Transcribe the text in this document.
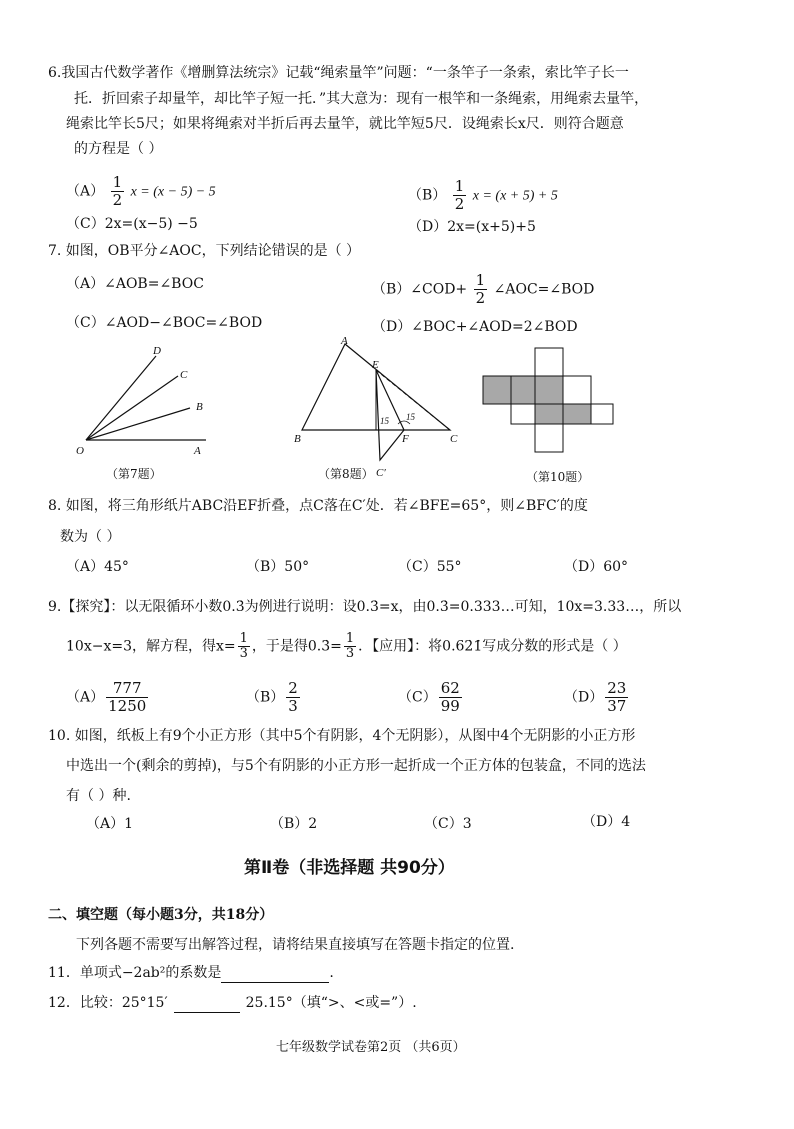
6.我国古代数学著作《增删算法统宗》记载“绳索量竿”问题：“一条竿子一条索，索比竿子长一
托．折回索子却量竿，却比竿子短一托．”其大意为：现有一根竿和一条绳索，用绳索去量竿，
绳索比竿长5尺；如果将绳索对半折后再去量竿，就比竿短5尺．设绳索长x尺．则符合题意
的方程是（ ）
$(A) \frac{1}{2}$ x = (x − 5) − 5	$(B) \frac{1}{2}$ x = (x + 5) + 5
（C）2x=(x−5) −5	（D）2x=(x+5)+5
7. 如图，OB平分∠AOC，下列结论错误的是（ ）
（A）∠AOB=∠BOC	（B）∠COD+ $\frac{1}{2}$ ∠AOC=∠BOD
（C）∠AOD−∠BOC=∠BOD	（D）∠BOC+∠AOD=2∠BOD
D
C
B
O	A
（第7题）
A
E
B	F	C
C′
15 15
（第8题）	（第10题）
8. 如图，将三角形纸片ABC沿EF折叠，点C落在C′处．若∠BFE=65°，则∠BFC′的度
数为（ ）
（A）45°	（B）50°	（C）55°	（D）60°
9.【探究】：以无限循环小数0.3̇为例进行说明：设0.3̇=x，由0.3̇=0.333…可知，10x=3.33…，所以
10x−x=3，解方程，得$x= \frac{1}{3}$ ，于是得0.3̇= $\frac{1}{3}$ ．【应用】：将0.62̇1̇写成分数的形式是（ ）
$(A) \frac{777}{1250}$	$(B) \frac{2}{3}$	$(C) \frac{62}{99}$	$(D) \frac{23}{37}$
10. 如图，纸板上有9个小正方形（其中5个有阴影，4个无阴影），从图中4个无阴影的小正方形
中选出一个(剩余的剪掉)，与5个有阴影的小正方形一起折成一个正方体的包装盒，不同的选法
有（ ）种.
（A）1	（B）2	（C）3	（D）4
第Ⅱ卷（非选择题 共90分）
二、填空题（每小题3分，共18分）
下列各题不需要写出解答过程，请将结果直接填写在答题卡指定的位置.
11．单项式−2ab²的系数是	.
12．比较：25°15′	25.15°（填“>、<或=”）.
七年级数学试卷第2页 （共6页）
